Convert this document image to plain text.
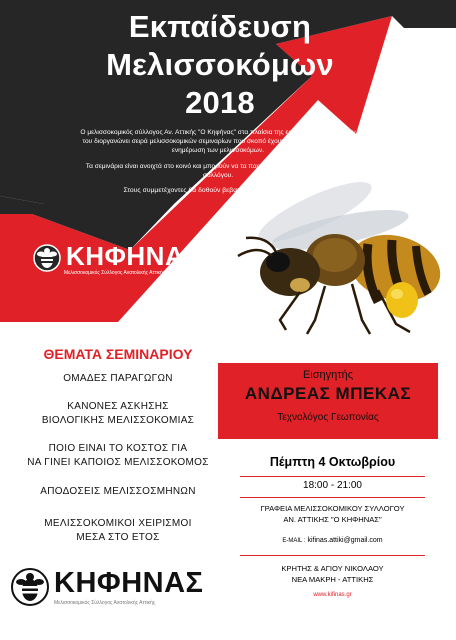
Εκπαίδευση
Μελισσοκόμων
2018

Ο μελισσοκομικός σύλλογος Αν. Αττικής "Ο Κηφήνας" στα πλαίσια της εκπαίδευσης των μελών του διοργανώνει σειρά μελισσοκομικών σεμιναρίων που σκοπό έχουν την εκπαίδευση και την ενημέρωση των μελισσοκόμων.

Τα σεμινάρια είναι ανοιχτά στο κοινό και μπορούν να τα παρακολουθήσουν και μη μέλη του συλλόγου.

Στους συμμετέχοντες θα δοθούν βεβαιώσεις παρακολούθησης.

ΚΗΦΗΝΑΣ
Μελισσοκομικός Σύλλογος Ανατολικής Αττικής
ΘΕΜΑΤΑ ΣΕΜΙΝΑΡΙΟΥ
ΟΜΑΔΕΣ ΠΑΡΑΓΩΓΩΝ
ΚΑΝΟΝΕΣ ΑΣΚΗΣΗΣ
ΒΙΟΛΟΓΙΚΗΣ ΜΕΛΙΣΣΟΚΟΜΙΑΣ
ΠΟΙΟ ΕΙΝΑΙ ΤΟ ΚΟΣΤΟΣ ΓΙΑ
ΝΑ ΓΙΝΕΙ ΚΑΠΟΙΟΣ ΜΕΛΙΣΣΟΚΟΜΟΣ
ΑΠΟΔΟΣΕΙΣ ΜΕΛΙΣΣΟΣΜΗΝΩΝ
ΜΕΛΙΣΣΟΚΟΜΙΚΟΙ ΧΕΙΡΙΣΜΟΙ
ΜΕΣΑ ΣΤΟ ΕΤΟΣ
Εισηγητής
ΑΝΔΡΕΑΣ ΜΠΕΚΑΣ
Τεχνολόγος Γεωπονίας
Πέμπτη 4 Οκτωβρίου
18:00 - 21:00
ΓΡΑΦΕΙΑ ΜΕΛΙΣΣΟΚΟΜΙΚΟΥ ΣΥΛΛΟΓΟΥ
ΑΝ. ΑΤΤΙΚΗΣ "Ο ΚΗΦΗΝΑΣ"
E-MAIL : kifinas.attiki@gmail.com
ΚΡΗΤΗΣ & ΑΓΙΟΥ ΝΙΚΟΛΑΟΥ
ΝΕΑ ΜΑΚΡΗ - ΑΤΤΙΚΗΣ
www.kifinas.gr
ΚΗΦΗΝΑΣ
Μελισσοκομικός Σύλλογος Ανατολικής Αττικής
